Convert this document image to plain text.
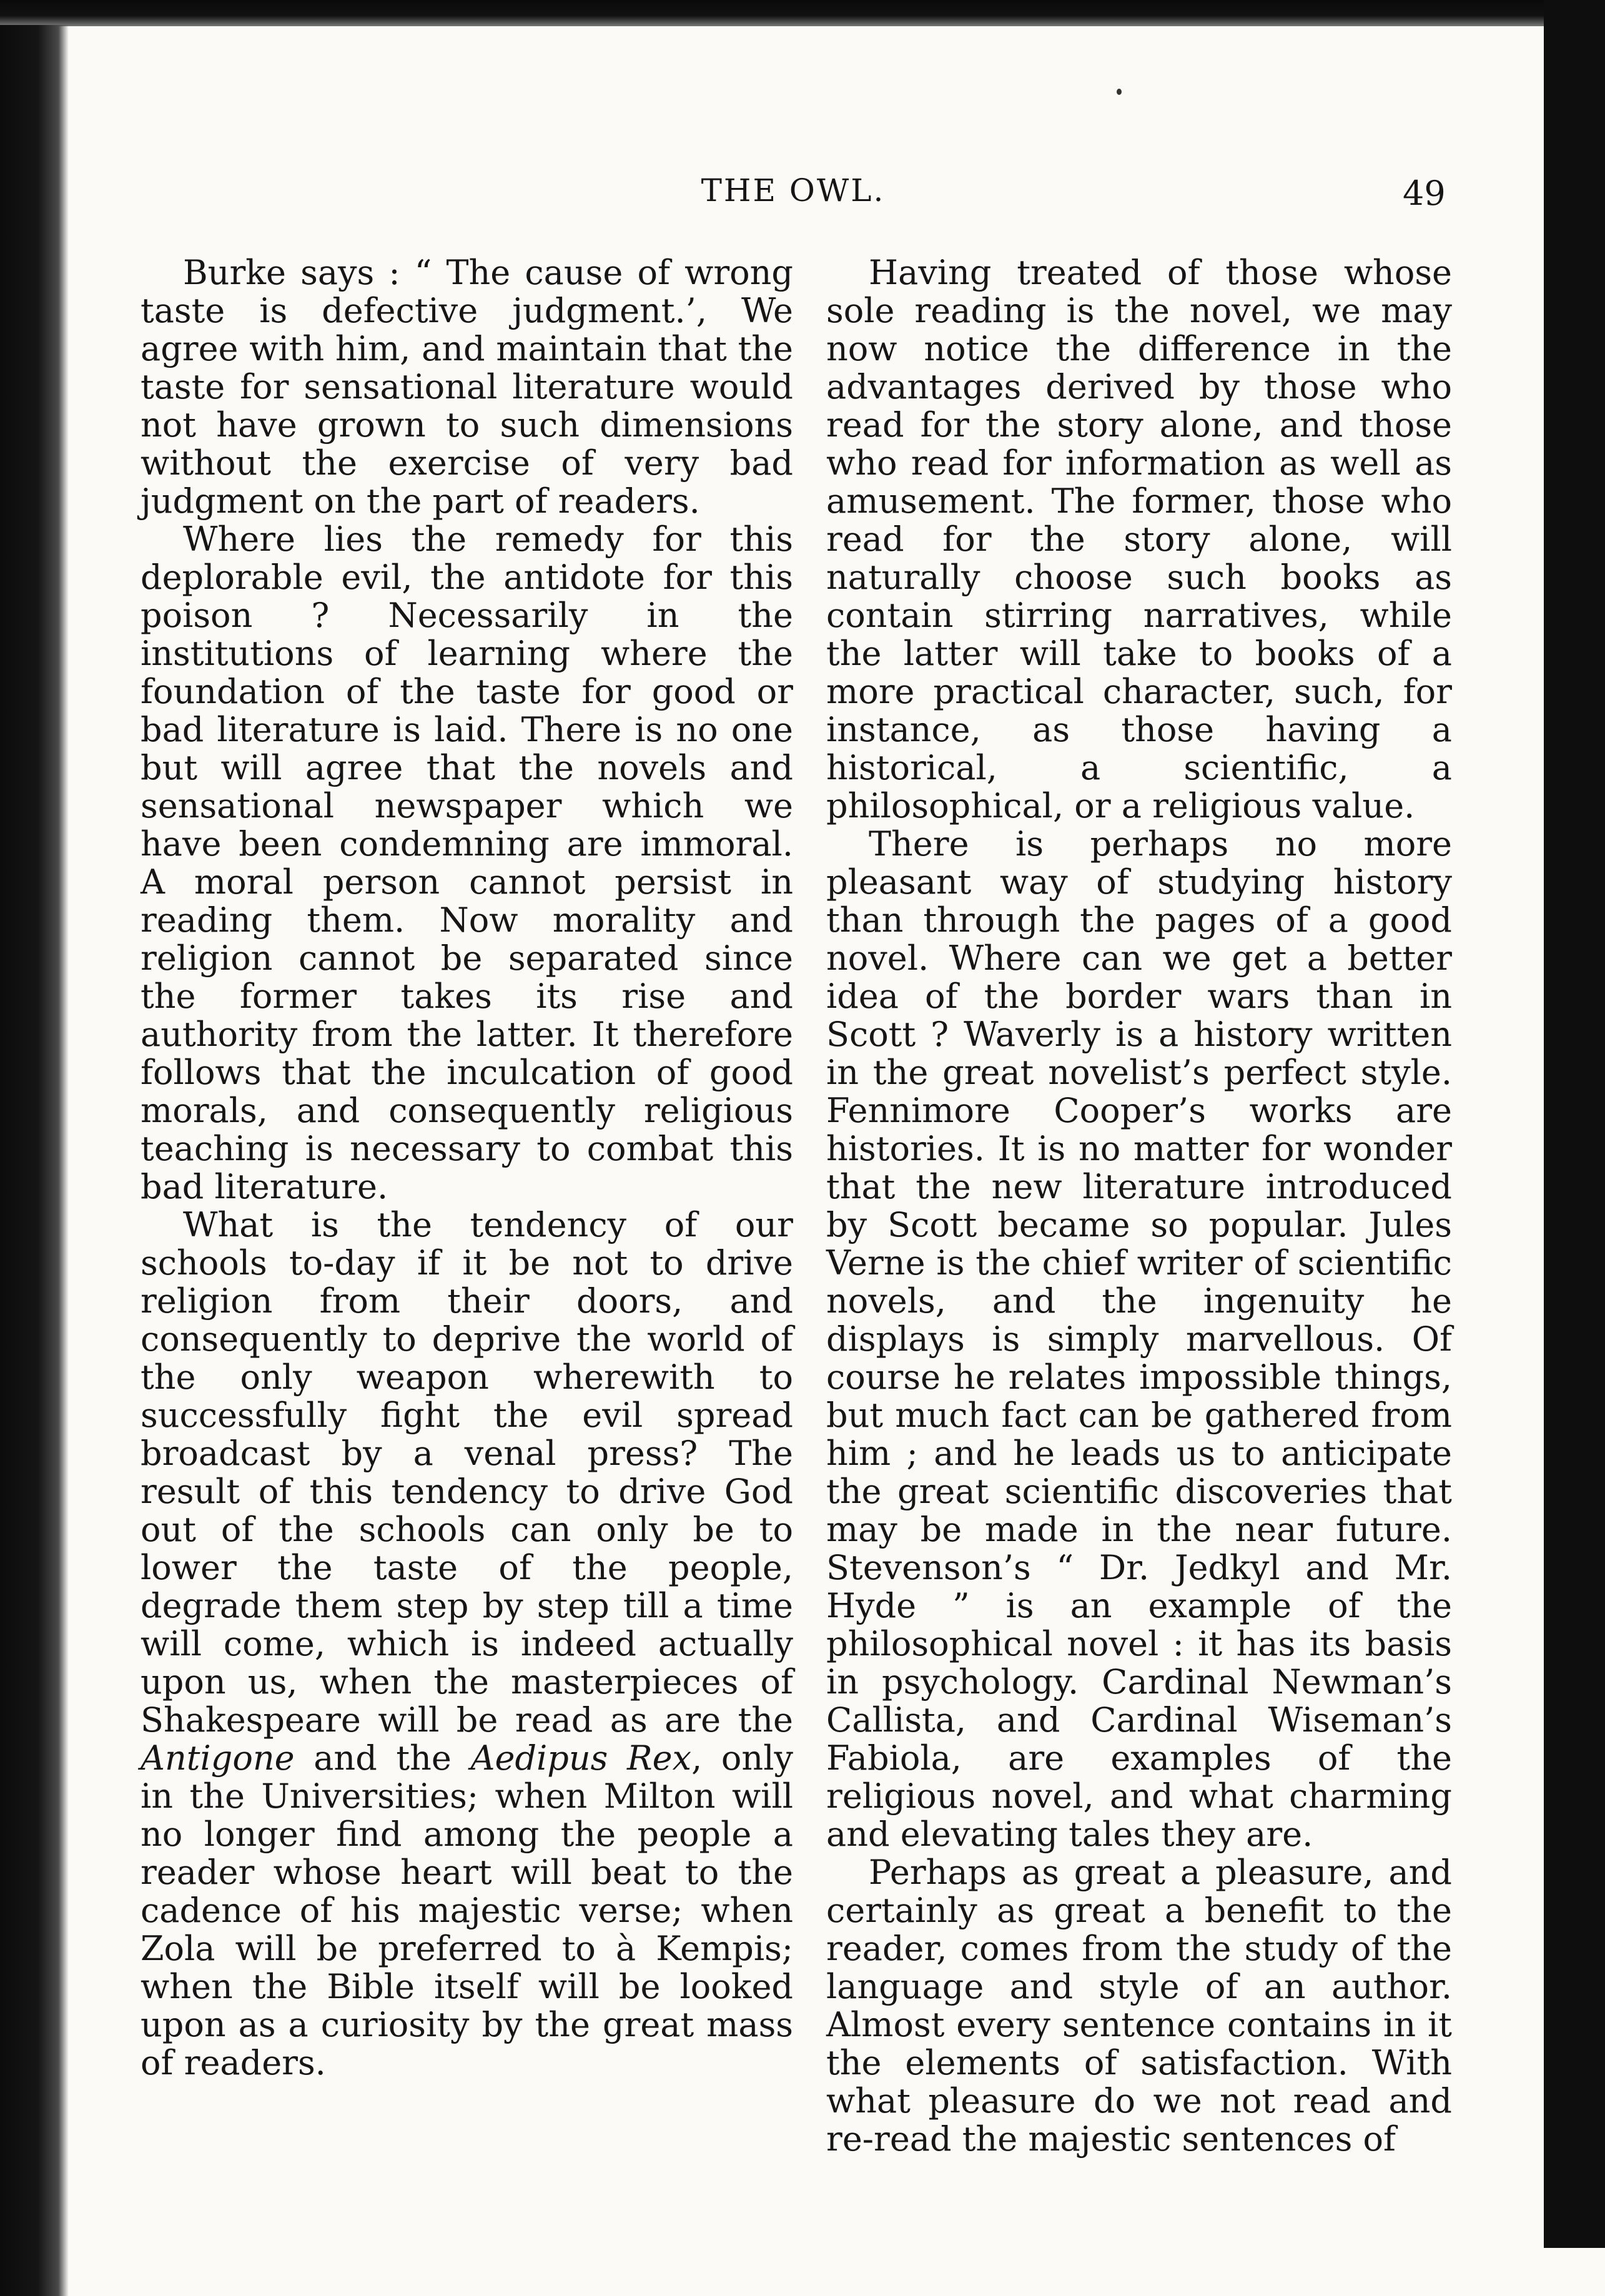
THE OWL.	49

Burke says : “ The cause of wrong taste is defective judgment.’, We agree with him, and maintain that the taste for sensational literature would not have grown to such dimensions without the exercise of very bad judgment on the part of readers.

Where lies the remedy for this deplorable evil, the antidote for this poison ? Necessarily in the institutions of learning where the foundation of the taste for good or bad literature is laid. There is no one but will agree that the novels and sensational newspaper which we have been condemning are immoral. A moral person cannot persist in reading them. Now morality and religion cannot be separated since the former takes its rise and authority from the latter. It therefore follows that the inculcation of good morals, and consequently religious teaching is necessary to combat this bad literature.

What is the tendency of our schools to-day if it be not to drive religion from their doors, and consequently to deprive the world of the only weapon wherewith to successfully fight the evil spread broadcast by a venal press? The result of this tendency to drive God out of the schools can only be to lower the taste of the people, degrade them step by step till a time will come, which is indeed actually upon us, when the masterpieces of Shakespeare will be read as are the Antigone and the Aedipus Rex, only in the Universities; when Milton will no longer find among the people a reader whose heart will beat to the cadence of his majestic verse; when Zola will be preferred to à Kempis; when the Bible itself will be looked upon as a curiosity by the great mass of readers.

Having treated of those whose sole reading is the novel, we may now notice the difference in the advantages derived by those who read for the story alone, and those who read for information as well as amusement. The former, those who read for the story alone, will naturally choose such books as contain stirring narratives, while the latter will take to books of a more practical character, such, for instance, as those having a historical, a scientific, a philosophical, or a religious value.

There is perhaps no more pleasant way of studying history than through the pages of a good novel. Where can we get a better idea of the border wars than in Scott ? Waverly is a history written in the great novelist’s perfect style. Fennimore Cooper’s works are histories. It is no matter for wonder that the new literature introduced by Scott became so popular. Jules Verne is the chief writer of scientific novels, and the ingenuity he displays is simply marvellous. Of course he relates impossible things, but much fact can be gathered from him ; and he leads us to anticipate the great scientific discoveries that may be made in the near future. Stevenson’s “ Dr. Jedkyl and Mr. Hyde ” is an example of the philosophical novel : it has its basis in psychology. Cardinal Newman’s Callista, and Cardinal Wiseman’s Fabiola, are examples of the religious novel, and what charming and elevating tales they are.

Perhaps as great a pleasure, and certainly as great a benefit to the reader, comes from the study of the language and style of an author. Almost every sentence contains in it the elements of satisfaction. With what pleasure do we not read and re-read the majestic sentences of
